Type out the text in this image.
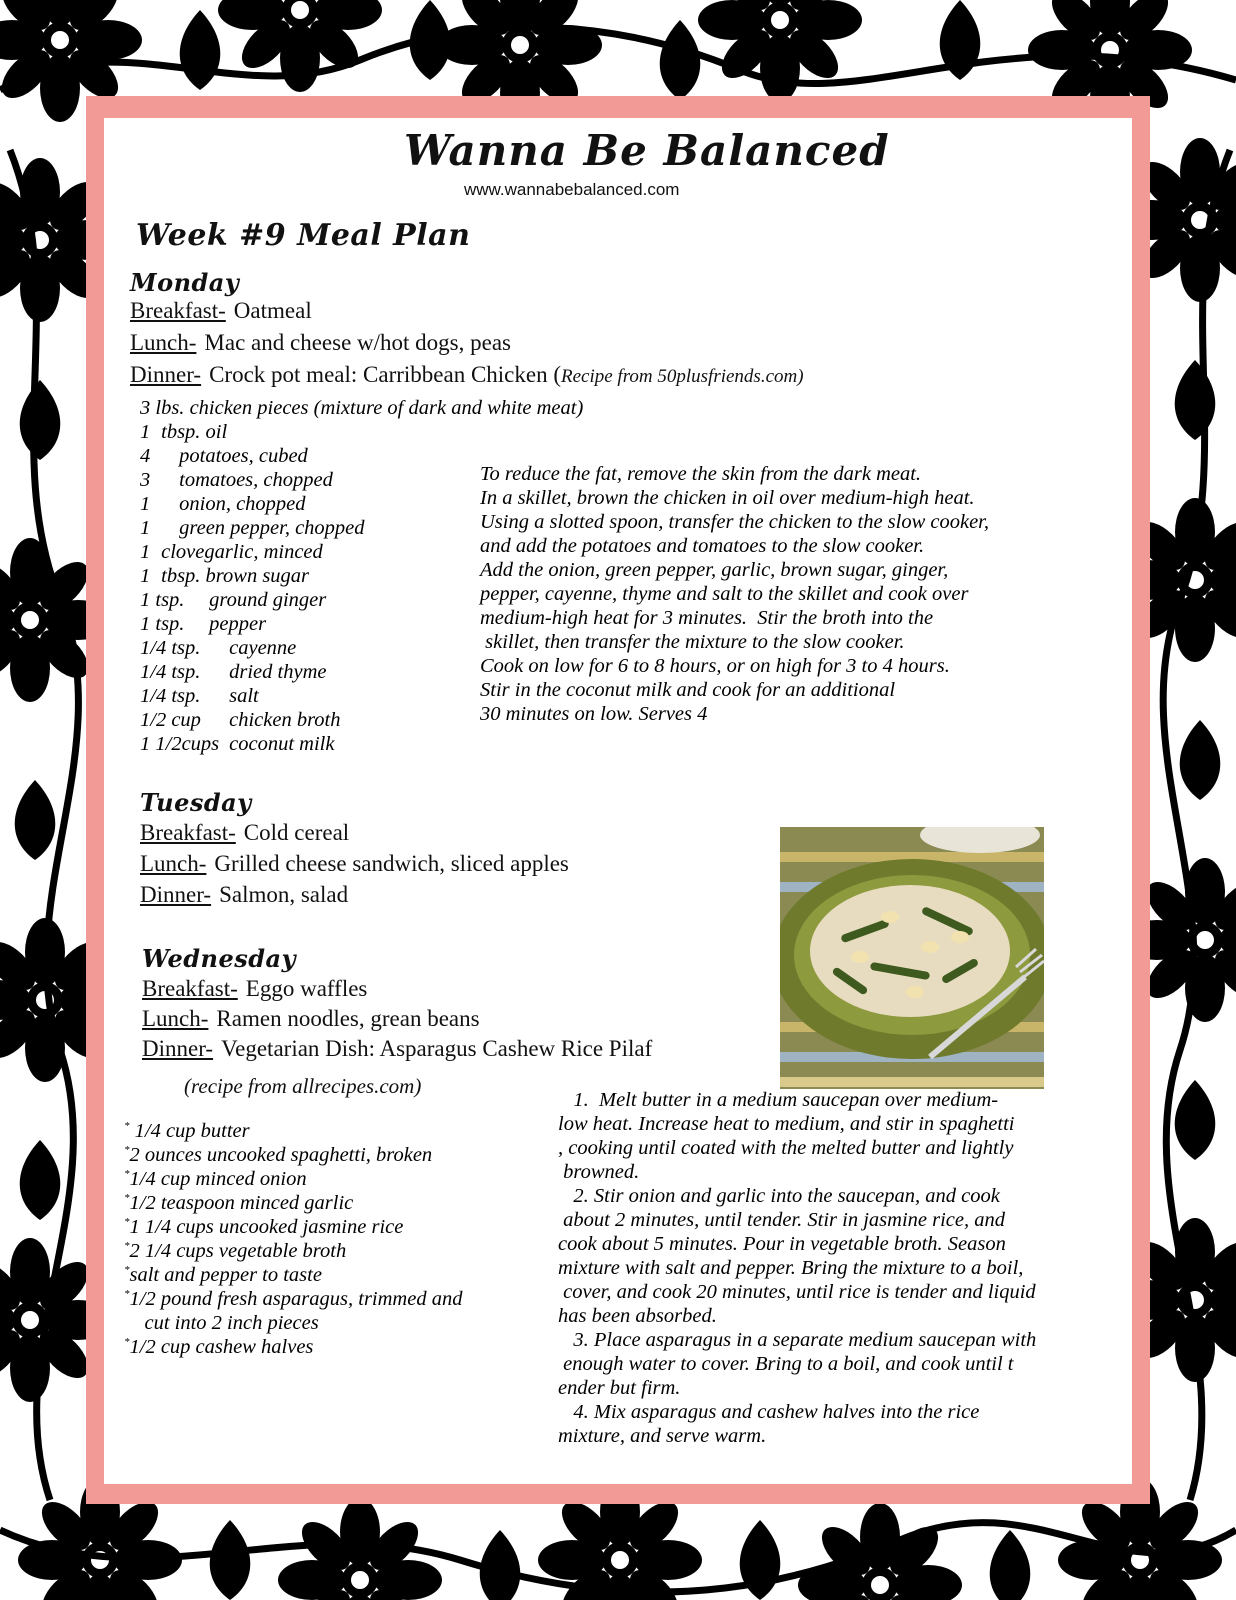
Wanna Be Balanced
www.wannabebalanced.com
Week #9 Meal Plan
Monday
Breakfast- Oatmeal
Lunch- Mac and cheese w/hot dogs, peas
Dinner- Crock pot meal: Carribbean Chicken (Recipe from 50plusfriends.com)
3 lbs. chicken pieces (mixture of dark and white meat)
1 tbsp. oil
4 potatoes, cubed
3 tomatoes, chopped
1 onion, chopped
1 green pepper, chopped
1 clovegarlic, minced
1 tbsp. brown sugar
1 tsp. ground ginger
1 tsp. pepper
1/4 tsp. cayenne
1/4 tsp. dried thyme
1/4 tsp. salt
1/2 cup chicken broth
1 1/2cups coconut milk
To reduce the fat, remove the skin from the dark meat.
In a skillet, brown the chicken in oil over medium-high heat.
Using a slotted spoon, transfer the chicken to the slow cooker,
and add the potatoes and tomatoes to the slow cooker.
Add the onion, green pepper, garlic, brown sugar, ginger,
pepper, cayenne, thyme and salt to the skillet and cook over
medium-high heat for 3 minutes.  Stir the broth into the
skillet, then transfer the mixture to the slow cooker.
Cook on low for 6 to 8 hours, or on high for 3 to 4 hours.
Stir in the coconut milk and cook for an additional
30 minutes on low. Serves 4
Tuesday
Breakfast- Cold cereal
Lunch- Grilled cheese sandwich, sliced apples
Dinner- Salmon, salad
Wednesday
Breakfast- Eggo waffles
Lunch- Ramen noodles, grean beans
Dinner- Vegetarian Dish: Asparagus Cashew Rice Pilaf
(recipe from allrecipes.com)
* 1/4 cup butter
*2 ounces uncooked spaghetti, broken
*1/4 cup minced onion
*1/2 teaspoon minced garlic
*1 1/4 cups uncooked jasmine rice
*2 1/4 cups vegetable broth
*salt and pepper to taste
*1/2 pound fresh asparagus, trimmed and
cut into 2 inch pieces
*1/2 cup cashew halves
1.  Melt butter in a medium saucepan over medium-
low heat. Increase heat to medium, and stir in spaghetti
, cooking until coated with the melted butter and lightly
browned.
2. Stir onion and garlic into the saucepan, and cook
about 2 minutes, until tender. Stir in jasmine rice, and
cook about 5 minutes. Pour in vegetable broth. Season
mixture with salt and pepper. Bring the mixture to a boil,
cover, and cook 20 minutes, until rice is tender and liquid
has been absorbed.
3. Place asparagus in a separate medium saucepan with
enough water to cover. Bring to a boil, and cook until t
ender but firm.
4. Mix asparagus and cashew halves into the rice
mixture, and serve warm.
